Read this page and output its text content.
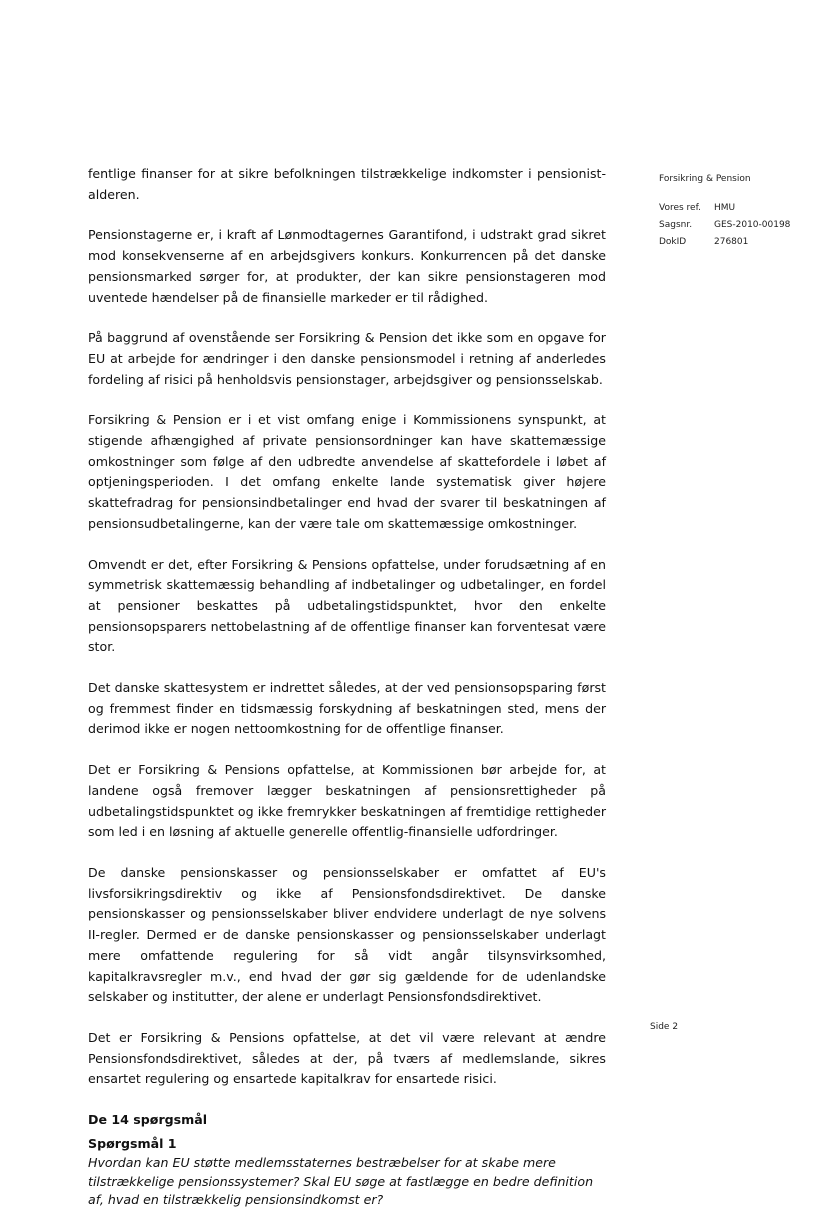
fentlige finanser for at sikre befolkningen tilstrækkelige indkomster i pensionist-alderen.

Pensionstagerne er, i kraft af Lønmodtagernes Garantifond, i udstrakt grad sikret mod konsekvenserne af en arbejdsgivers konkurs. Konkurrencen på det danske pensionsmarked sørger for, at produkter, der kan sikre pensionstageren mod uventede hændelser på de finansielle markeder er til rådighed.

På baggrund af ovenstående ser Forsikring & Pension det ikke som en opgave for EU at arbejde for ændringer i den danske pensionsmodel i retning af anderledes fordeling af risici på henholdsvis pensionstager, arbejdsgiver og pensionsselskab.

Forsikring & Pension er i et vist omfang enige i Kommissionens synspunkt, at stigende afhængighed af private pensionsordninger kan have skattemæssige omkostninger som følge af den udbredte anvendelse af skattefordele i løbet af optjeningsperioden. I det omfang enkelte lande systematisk giver højere skattefradrag for pensionsindbetalinger end hvad der svarer til beskatningen af pensionsudbetalingerne, kan der være tale om skattemæssige omkostninger.

Omvendt er det, efter Forsikring & Pensions opfattelse, under forudsætning af en symmetrisk skattemæssig behandling af indbetalinger og udbetalinger, en fordel at pensioner beskattes på udbetalingstidspunktet, hvor den enkelte pensionsopsparers nettobelastning af de offentlige finanser kan forventesat være stor.

Det danske skattesystem er indrettet således, at der ved pensionsopsparing først og fremmest finder en tidsmæssig forskydning af beskatningen sted, mens der derimod ikke er nogen nettoomkostning for de offentlige finanser.

Det er Forsikring & Pensions opfattelse, at Kommissionen bør arbejde for, at landene også fremover lægger beskatningen af pensionsrettigheder på udbetalingstidspunktet og ikke fremrykker beskatningen af fremtidige rettigheder som led i en løsning af aktuelle generelle offentlig-finansielle udfordringer.

De danske pensionskasser og pensionsselskaber er omfattet af EU's livsforsikringsdirektiv og ikke af Pensionsfondsdirektivet. De danske pensionskasser og pensionsselskaber bliver endvidere underlagt de nye solvens II-regler. Dermed er de danske pensionskasser og pensionsselskaber underlagt mere omfattende regulering for så vidt angår tilsynsvirksomhed, kapitalkravsregler m.v., end hvad der gør sig gældende for de udenlandske selskaber og institutter, der alene er underlagt Pensionsfondsdirektivet.

Det er Forsikring & Pensions opfattelse, at det vil være relevant at ændre Pensionsfondsdirektivet, således at der, på tværs af medlemslande, sikres ensartet regulering og ensartede kapitalkrav for ensartede risici.

De 14 spørgsmål
Spørgsmål 1

Hvordan kan EU støtte medlemsstaternes bestræbelser for at skabe mere tilstrækkelige pensionssystemer? Skal EU søge at fastlægge en bedre definition af, hvad en tilstrækkelig pensionsindkomst er?

Forsikring & Pension
Vores ref.	HMU
Sagsnr.	GES-2010-00198
DokID	276801
Side 2
